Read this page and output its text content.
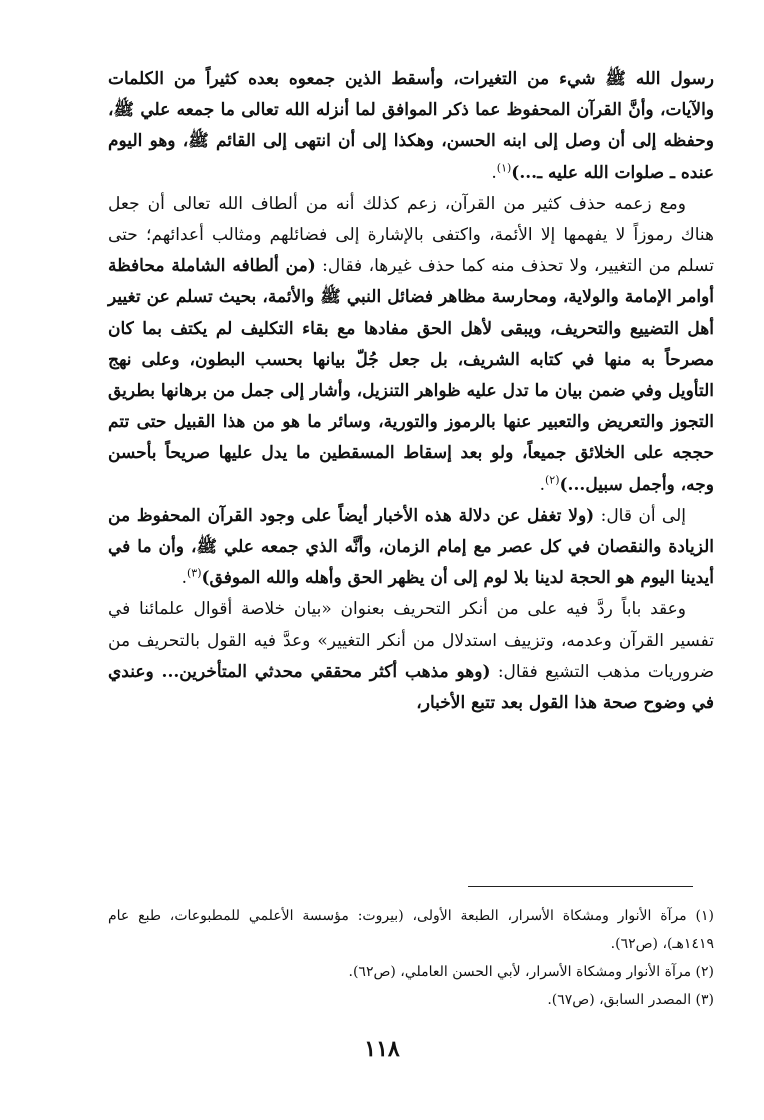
رسول الله ﷺ شيء من التغيرات، وأسقط الذين جمعوه بعده كثيراً من الكلمات والآيات، وأنَّ القرآن المحفوظ عما ذكر الموافق لما أنزله الله تعالى ما جمعه علي ﷺ، وحفظه إلى أن وصل إلى ابنه الحسن، وهكذا إلى أن انتهى إلى القائم ﷺ، وهو اليوم عنده ـ صلوات الله عليه ـ...)$^{(١)}$.

ومع زعمه حذف كثير من القرآن، زعم كذلك أنه من ألطاف الله تعالى أن جعل هناك رموزاً لا يفهمها إلا الأئمة، واكتفى بالإشارة إلى فضائلهم ومثالب أعدائهم؛ حتى تسلم من التغيير، ولا تحذف منه كما حذف غيرها، فقال: (من ألطافه الشاملة محافظة أوامر الإمامة والولاية، ومحارسة مظاهر فضائل النبي ﷺ والأئمة، بحيث تسلم عن تغيير أهل التضييع والتحريف، ويبقى لأهل الحق مفادها مع بقاء التكليف لم يكتف بما كان مصرحاً به منها في كتابه الشريف، بل جعل جُلّ بيانها بحسب البطون، وعلى نهج التأويل وفي ضمن بيان ما تدل عليه ظواهر التنزيل، وأشار إلى جمل من برهانها بطريق التجوز والتعريض والتعبير عنها بالرموز والتورية، وسائر ما هو من هذا القبيل حتى تتم حججه على الخلائق جميعاً، ولو بعد إسقاط المسقطين ما يدل عليها صريحاً بأحسن وجه، وأجمل سبيل...)$^{(٢)}$.

إلى أن قال: (ولا تغفل عن دلالة هذه الأخبار أيضاً على وجود القرآن المحفوظ من الزيادة والنقصان في كل عصر مع إمام الزمان، وأنَّه الذي جمعه علي ﷺ، وأن ما في أيدينا اليوم هو الحجة لدينا بلا لوم إلى أن يظهر الحق وأهله والله الموفق)$^{(٣)}$.

وعقد باباً ردَّ فيه على من أنكر التحريف بعنوان «بيان خلاصة أقوال علمائنا في تفسير القرآن وعدمه، وتزييف استدلال من أنكر التغيير» وعدَّ فيه القول بالتحريف من ضروريات مذهب التشيع فقال: (وهو مذهب أكثر محققي محدثي المتأخرين... وعندي في وضوح صحة هذا القول بعد تتبع الأخبار،

(١) مرآة الأنوار ومشكاة الأسرار، الطبعة الأولى، (بيروت: مؤسسة الأعلمي للمطبوعات، طبع عام ١٤١٩هـ)، (ص٦٢).

(٢) مرآة الأنوار ومشكاة الأسرار، لأبي الحسن العاملي، (ص٦٢).

(٣) المصدر السابق، (ص٦٧).

١١٨
